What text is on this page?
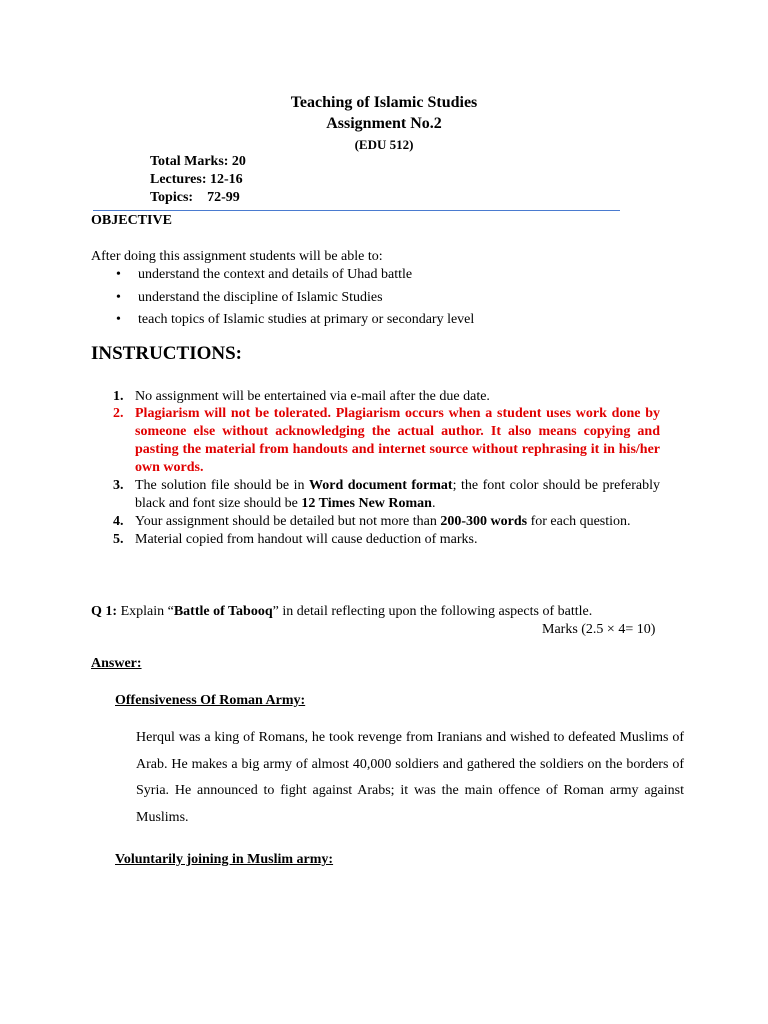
Teaching of Islamic Studies
Assignment No.2
(EDU 512)
Total Marks: 20
Lectures: 12-16
Topics: 72-99
OBJECTIVE
After doing this assignment students will be able to:
• understand the context and details of Uhad battle
• understand the discipline of Islamic Studies
• teach topics of Islamic studies at primary or secondary level
INSTRUCTIONS:
1. No assignment will be entertained via e-mail after the due date.
2. Plagiarism will not be tolerated. Plagiarism occurs when a student uses work done by someone else without acknowledging the actual author. It also means copying and pasting the material from handouts and internet source without rephrasing it in his/her own words.
3. The solution file should be in Word document format; the font color should be preferably black and font size should be 12 Times New Roman.
4. Your assignment should be detailed but not more than 200-300 words for each question.
5. Material copied from handout will cause deduction of marks.
Q 1: Explain “Battle of Tabooq” in detail reflecting upon the following aspects of battle.
Marks (2.5 × 4= 10)
Answer:
Offensiveness Of Roman Army:
Herqul was a king of Romans, he took revenge from Iranians and wished to defeated Muslims of Arab. He makes a big army of almost 40,000 soldiers and gathered the soldiers on the borders of Syria. He announced to fight against Arabs; it was the main offence of Roman army against Muslims.
Voluntarily joining in Muslim army:
